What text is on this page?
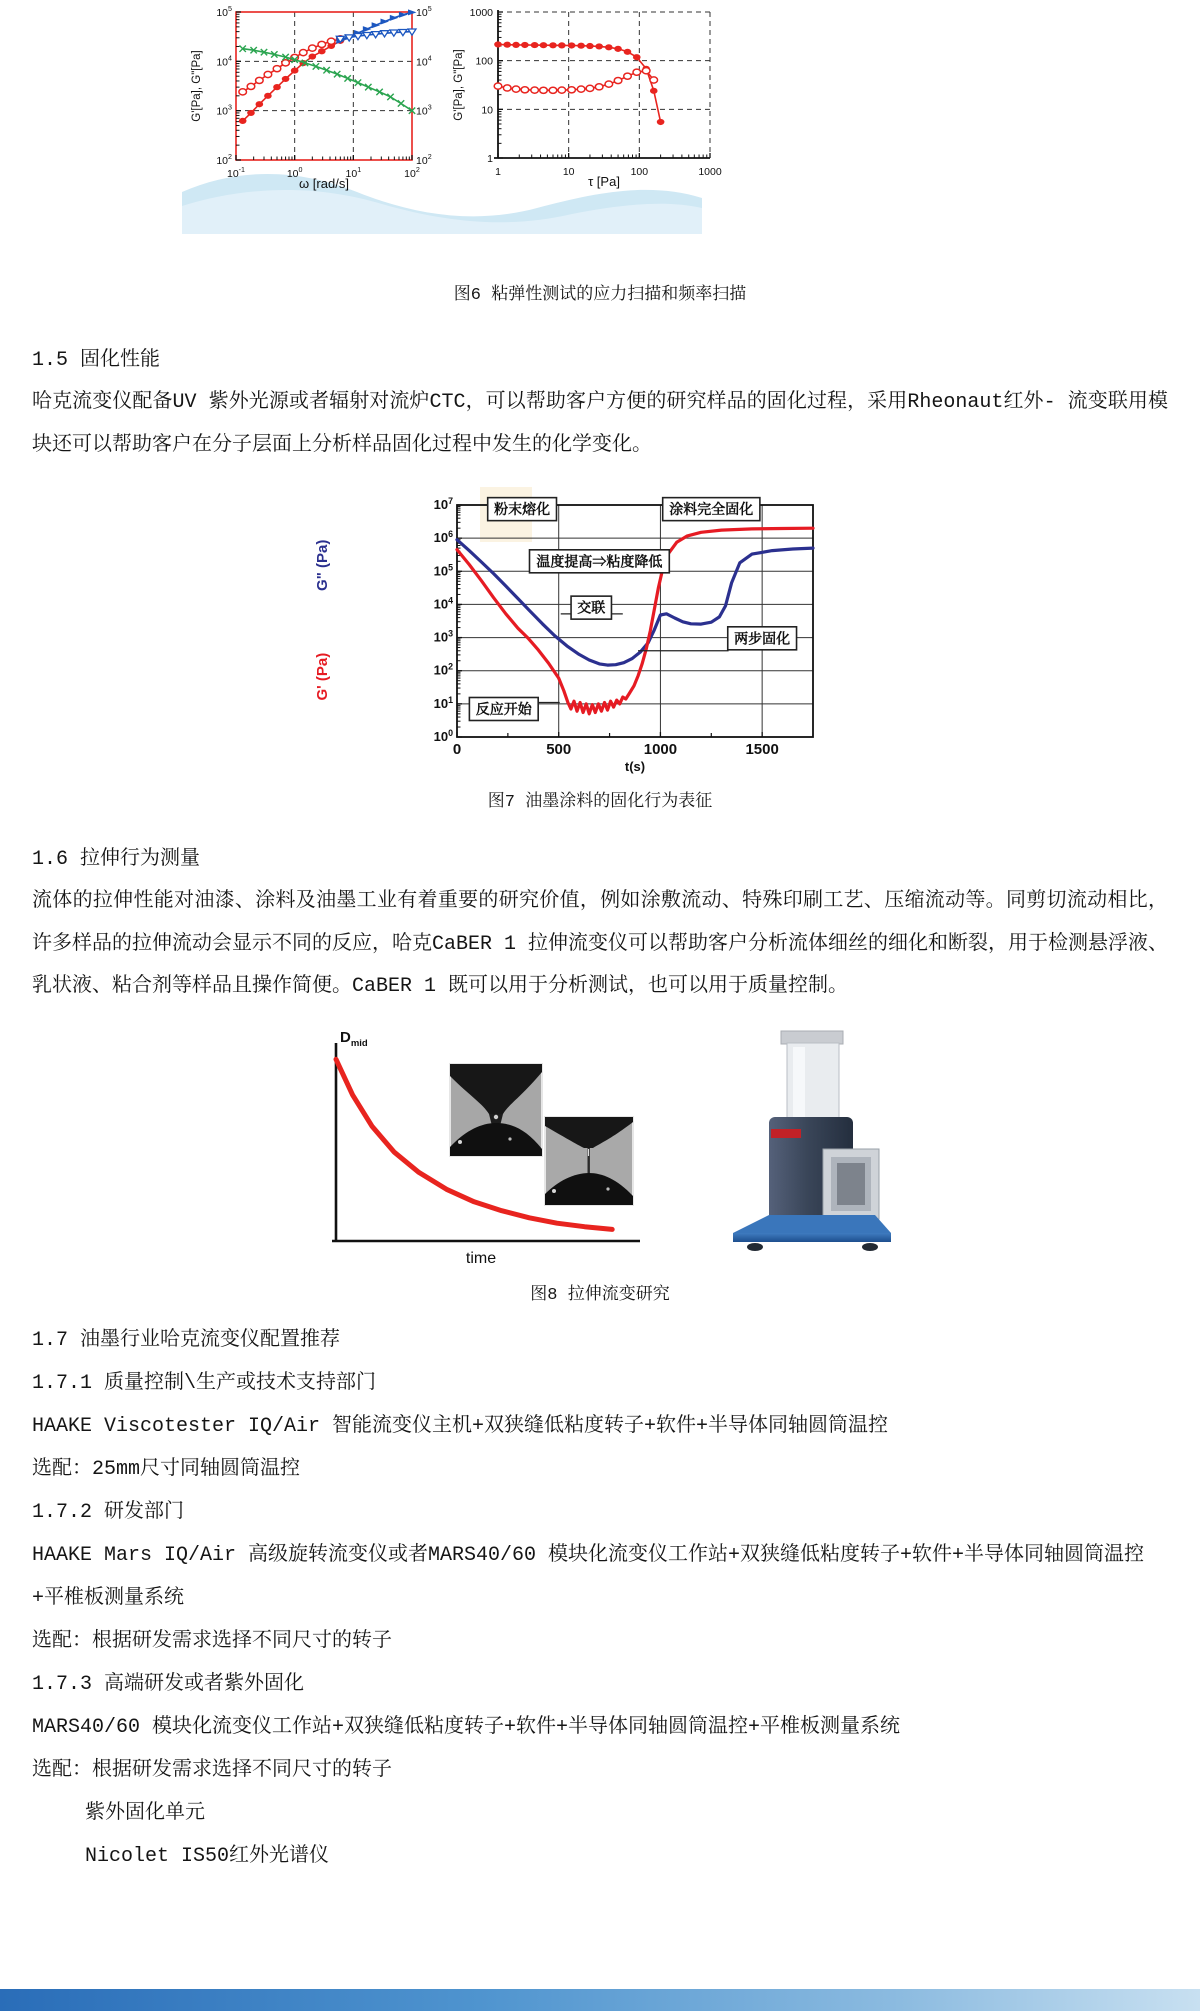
$10^{-1}$	$10^0$	$10^1$	$10^2$
$10^2$	$10^2$
$10^3$	$10^3$
$10^4$	$10^4$
$10^5$	$10^5$
ω [rad/s]
G'[Pa], G"[Pa]
1	10	100	1000
1
10
100
1000
τ [Pa]
G'[Pa], G"[Pa]

图6 粘弹性测试的应力扫描和频率扫描

1.5 固化性能

哈克流变仪配备UV 紫外光源或者辐射对流炉CTC，可以帮助客户方便的研究样品的固化过程，采用Rheonaut红外- 流变联用模块还可以帮助客户在分子层面上分析样品固化过程中发生的化学变化。

0	500	1000	1500
$10^0$
$10^1$
$10^2$
$10^3$
$10^4$
$10^5$
$10^6$
$10^7$
粉末熔化	涂料完全固化
温度提高⇒粘度降低
交联
两步固化
反应开始
t(s)
G" (Pa)
G' (Pa)

图7 油墨涂料的固化行为表征

1.6 拉伸行为测量

流体的拉伸性能对油漆、涂料及油墨工业有着重要的研究价值，例如涂敷流动、特殊印刷工艺、压缩流动等。同剪切流动相比，许多样品的拉伸流动会显示不同的反应，哈克CaBER 1 拉伸流变仪可以帮助客户分析流体细丝的细化和断裂，用于检测悬浮液、乳状液、粘合剂等样品且操作简便。CaBER 1 既可以用于分析测试，也可以用于质量控制。

time
$D_{mid}$

图8 拉伸流变研究

1.7 油墨行业哈克流变仪配置推荐

1.7.1 质量控制\生产或技术支持部门

HAAKE Viscotester IQ/Air 智能流变仪主机+双狭缝低粘度转子+软件+半导体同轴圆筒温控

选配：25mm尺寸同轴圆筒温控

1.7.2 研发部门

HAAKE Mars IQ/Air 高级旋转流变仪或者MARS40/60 模块化流变仪工作站+双狭缝低粘度转子+软件+半导体同轴圆筒温控+平椎板测量系统

选配：根据研发需求选择不同尺寸的转子

1.7.3 高端研发或者紫外固化

MARS40/60 模块化流变仪工作站+双狭缝低粘度转子+软件+半导体同轴圆筒温控+平椎板测量系统

选配：根据研发需求选择不同尺寸的转子

紫外固化单元

Nicolet IS50红外光谱仪
